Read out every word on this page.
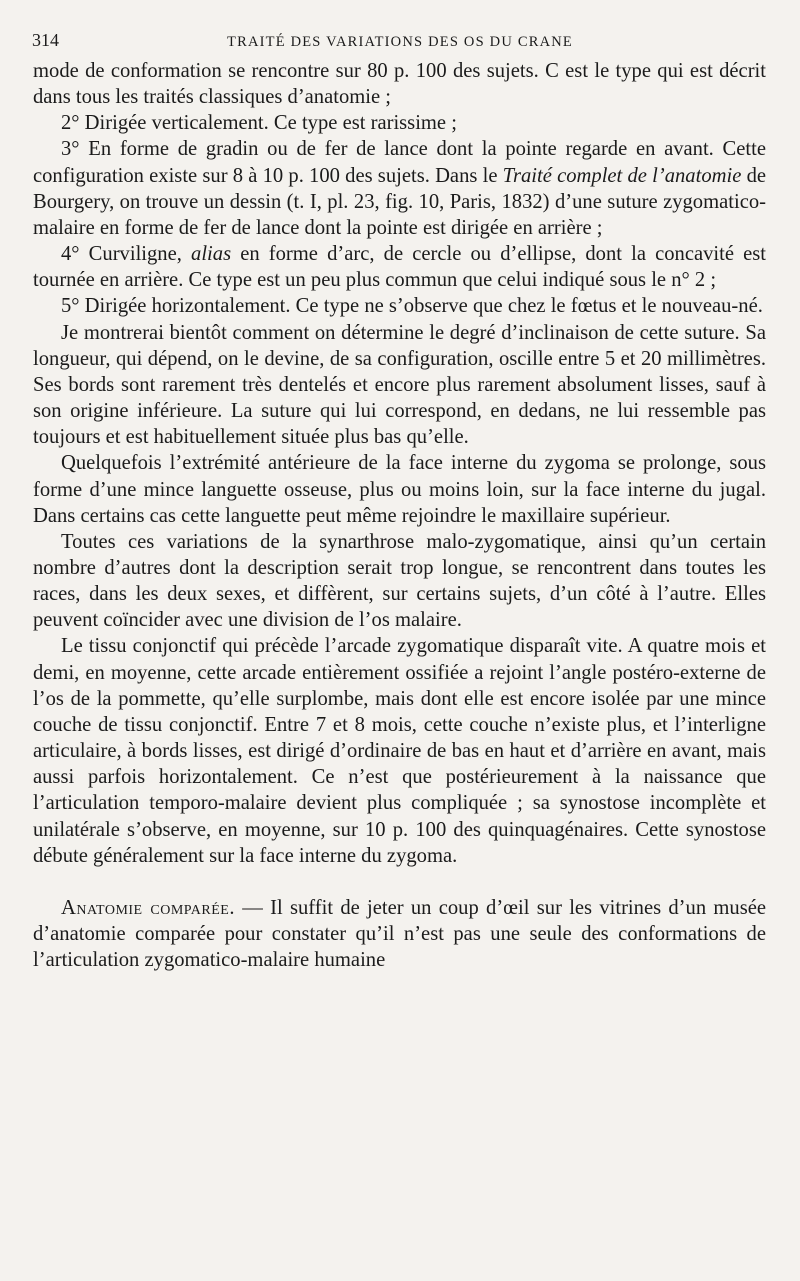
314	TRAITÉ DES VARIATIONS DES OS DU CRANE

mode de conformation se rencontre sur 80 p. 100 des sujets. C est le type qui est décrit dans tous les traités classiques d’anatomie ;

2° Dirigée verticalement. Ce type est rarissime ;

3° En forme de gradin ou de fer de lance dont la pointe regarde en avant. Cette configuration existe sur 8 à 10 p. 100 des sujets. Dans le Traité complet de l’anatomie de Bourgery, on trouve un dessin (t. I, pl. 23, fig. 10, Paris, 1832) d’une suture zygomatico-malaire en forme de fer de lance dont la pointe est dirigée en arrière ;

4° Curviligne, alias en forme d’arc, de cercle ou d’ellipse, dont la concavité est tournée en arrière. Ce type est un peu plus commun que celui indiqué sous le n° 2 ;

5° Dirigée horizontalement. Ce type ne s’observe que chez le fœtus et le nouveau-né.

Je montrerai bientôt comment on détermine le degré d’inclinaison de cette suture. Sa longueur, qui dépend, on le devine, de sa configuration, oscille entre 5 et 20 millimètres. Ses bords sont rarement très dentelés et encore plus rarement absolument lisses, sauf à son origine inférieure. La suture qui lui correspond, en dedans, ne lui ressemble pas toujours et est habituellement située plus bas qu’elle.

Quelquefois l’extrémité antérieure de la face interne du zygoma se prolonge, sous forme d’une mince languette osseuse, plus ou moins loin, sur la face interne du jugal. Dans certains cas cette languette peut même rejoindre le maxillaire supérieur.

Toutes ces variations de la synarthrose malo-zygomatique, ainsi qu’un certain nombre d’autres dont la description serait trop longue, se rencontrent dans toutes les races, dans les deux sexes, et diffèrent, sur certains sujets, d’un côté à l’autre. Elles peuvent coïncider avec une division de l’os malaire.

Le tissu conjonctif qui précède l’arcade zygomatique disparaît vite. A quatre mois et demi, en moyenne, cette arcade entièrement ossifiée a rejoint l’angle postéro-externe de l’os de la pommette, qu’elle surplombe, mais dont elle est encore isolée par une mince couche de tissu conjonctif. Entre 7 et 8 mois, cette couche n’existe plus, et l’interligne articulaire, à bords lisses, est dirigé d’ordinaire de bas en haut et d’arrière en avant, mais aussi parfois horizontalement. Ce n’est que postérieurement à la naissance que l’articulation temporo-malaire devient plus compliquée ; sa synostose incomplète et unilatérale s’observe, en moyenne, sur 10 p. 100 des quinquagénaires. Cette synostose débute généralement sur la face interne du zygoma.

Anatomie comparée. — Il suffit de jeter un coup d’œil sur les vitrines d’un musée d’anatomie comparée pour constater qu’il n’est pas une seule des conformations de l’articulation zygomatico-malaire humaine
